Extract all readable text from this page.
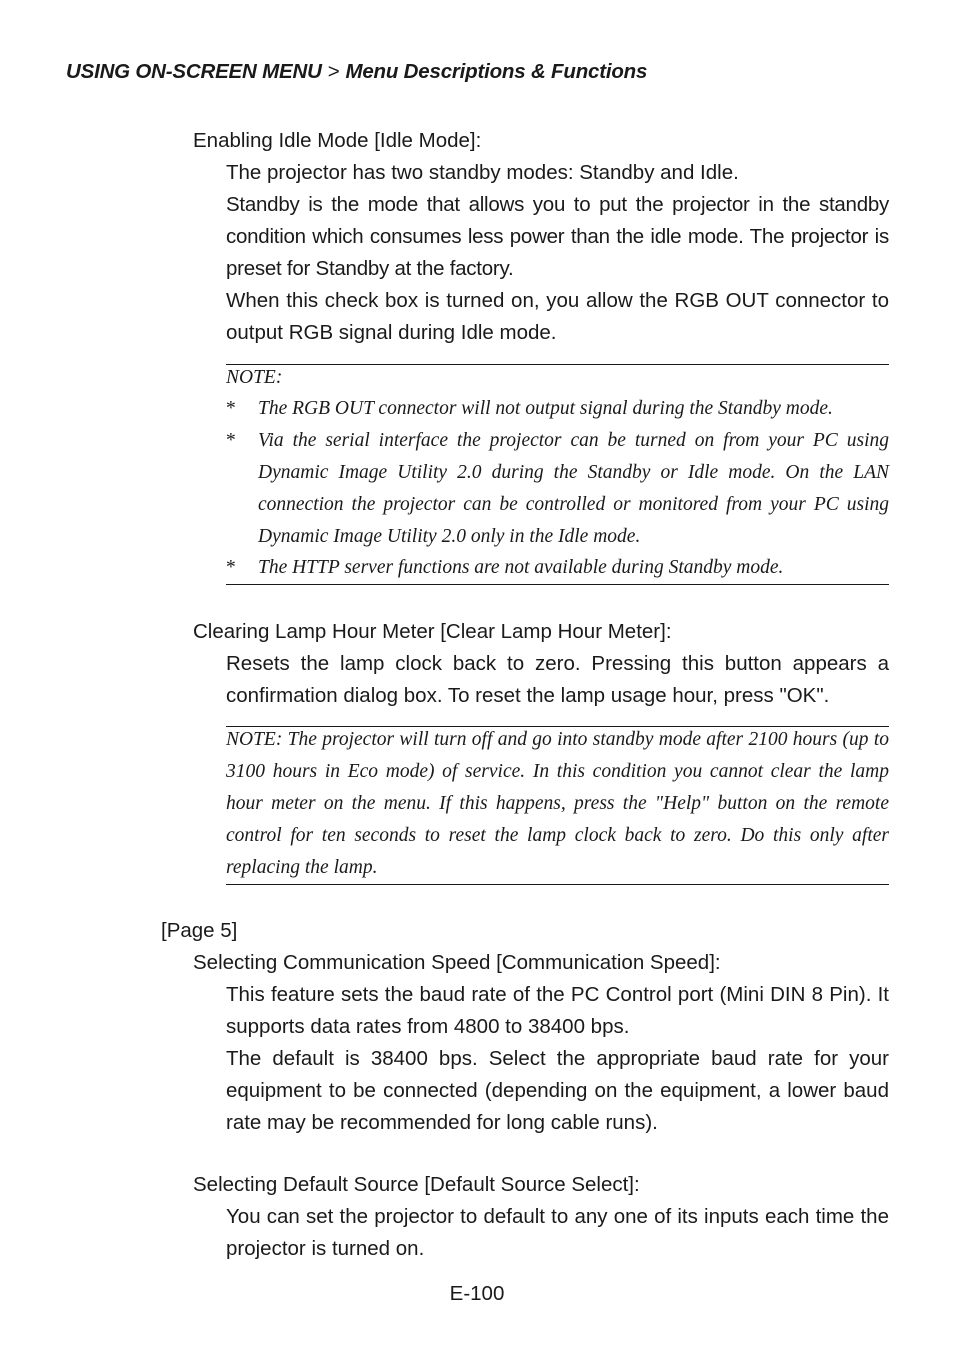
USING ON-SCREEN MENU > Menu Descriptions & Functions
Enabling Idle Mode [Idle Mode]:

The projector has two standby modes: Standby and Idle.

Standby is the mode that allows you to put the projector in the standby condition which consumes less power than the idle mode. The projector is preset for Standby at the factory.

When this check box is turned on, you allow the RGB OUT connector to output RGB signal during Idle mode.

NOTE:
*	The RGB OUT connector will not output signal during the Standby mode.
*	Via the serial interface the projector can be turned on from your PC using Dynamic Image Utility 2.0 during the Standby or Idle mode. On the LAN connection the projector can be controlled or monitored from your PC using Dynamic Image Utility 2.0 only in the Idle mode.
*	The HTTP server functions are not available during Standby mode.
Clearing Lamp Hour Meter [Clear Lamp Hour Meter]:
Resets the lamp clock back to zero. Pressing this button appears a confirmation dialog box. To reset the lamp usage hour, press "OK".
NOTE: The projector will turn off and go into standby mode after 2100 hours (up to 3100 hours in Eco mode) of service. In this condition you cannot clear the lamp hour meter on the menu. If this happens, press the "Help" button on the remote control for ten seconds to reset the lamp clock back to zero. Do this only after replacing the lamp.
[Page 5]
Selecting Communication Speed [Communication Speed]:

This feature sets the baud rate of the PC Control port (Mini DIN 8 Pin). It supports data rates from 4800 to 38400 bps.

The default is 38400 bps. Select the appropriate baud rate for your equipment to be connected (depending on the equipment, a lower baud rate may be recommended for long cable runs).

Selecting Default Source [Default Source Select]:
You can set the projector to default to any one of its inputs each time the projector is turned on.
E-100
